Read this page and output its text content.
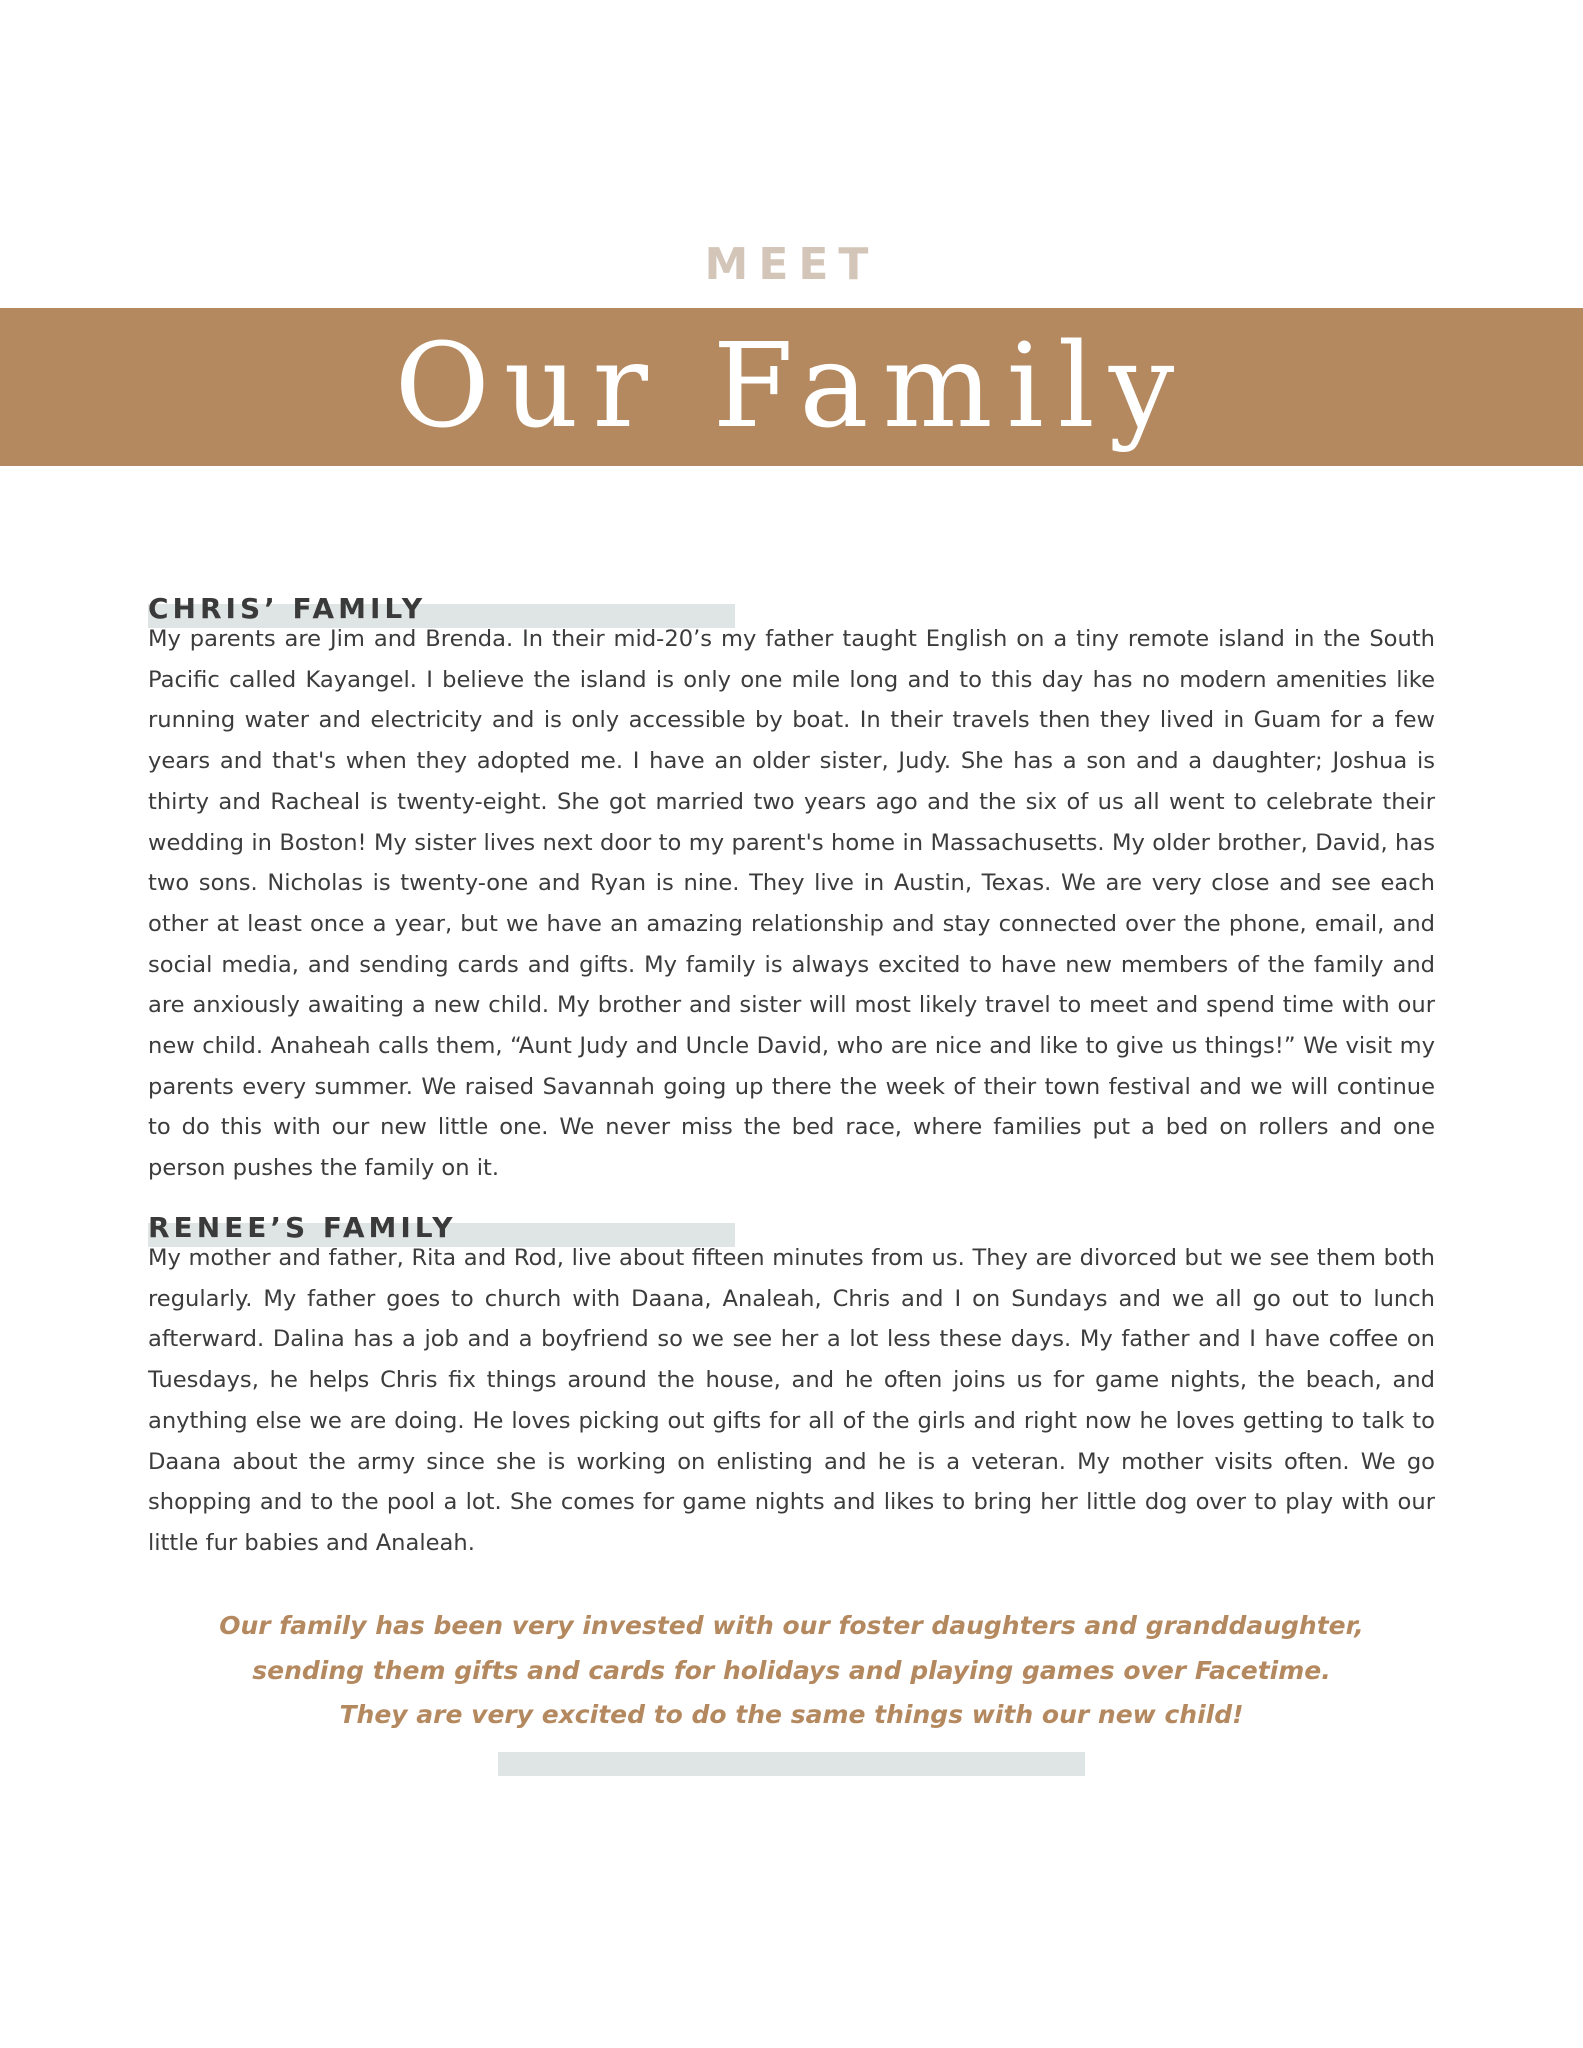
MEET
Our Family
CHRIS’ FAMILY

My parents are Jim and Brenda. In their mid-20’s my father taught English on a tiny remote island in the South Pacific called Kayangel. I believe the island is only one mile long and to this day has no modern amenities like running water and electricity and is only accessible by boat. In their travels then they lived in Guam for a few years and that's when they adopted me. I have an older sister, Judy. She has a son and a daughter; Joshua is thirty and Racheal is twenty-eight. She got married two years ago and the six of us all went to celebrate their wedding in Boston! My sister lives next door to my parent's home in Massachusetts. My older brother, David, has two sons. Nicholas is twenty-one and Ryan is nine. They live in Austin, Texas. We are very close and see each other at least once a year, but we have an amazing relationship and stay connected over the phone, email, and social media, and sending cards and gifts. My family is always excited to have new members of the family and are anxiously awaiting a new child. My brother and sister will most likely travel to meet and spend time with our new child. Anaheah calls them, “Aunt Judy and Uncle David, who are nice and like to give us things!” We visit my parents every summer. We raised Savannah going up there the week of their town festival and we will continue to do this with our new little one. We never miss the bed race, where families put a bed on rollers and one person pushes the family on it.

RENEE’S FAMILY

My mother and father, Rita and Rod, live about fifteen minutes from us. They are divorced but we see them both regularly. My father goes to church with Daana, Analeah, Chris and I on Sundays and we all go out to lunch afterward. Dalina has a job and a boyfriend so we see her a lot less these days. My father and I have coffee on Tuesdays, he helps Chris fix things around the house, and he often joins us for game nights, the beach, and anything else we are doing. He loves picking out gifts for all of the girls and right now he loves getting to talk to Daana about the army since she is working on enlisting and he is a veteran. My mother visits often. We go shopping and to the pool a lot. She comes for game nights and likes to bring her little dog over to play with our little fur babies and Analeah.

Our family has been very invested with our foster daughters and granddaughter,
sending them gifts and cards for holidays and playing games over Facetime.
They are very excited to do the same things with our new child!
